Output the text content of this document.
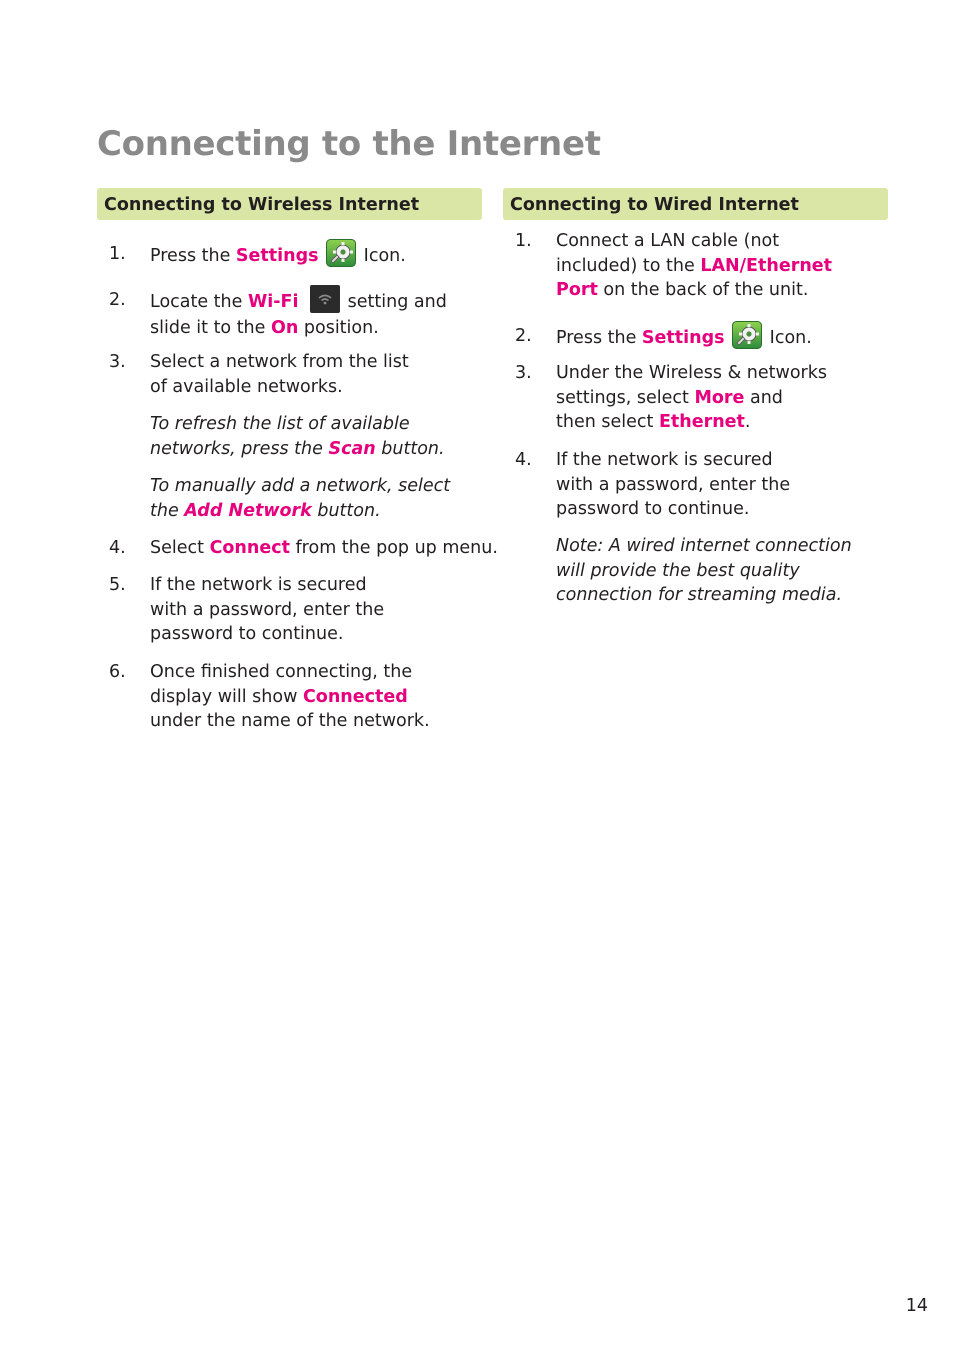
Connecting to the Internet
Connecting to Wireless Internet
1.	Press the Settings	Icon.
2.	Locate the Wi-Fi
setting and
slide it to the On position.
3.	Select a network from the list
of available networks.
To refresh the list of available
networks, press the Scan button.
To manually add a network, select
the Add Network button.
4.	Select Connect from the pop up menu.
5.	If the network is secured
with a password, enter the
password to continue.
6.	Once finished connecting, the
display will show Connected
under the name of the network.
Connecting to Wired Internet
1.	Connect a LAN cable (not
included) to the LAN/Ethernet
Port on the back of the unit.
2.	Press the Settings	Icon.
3.	Under the Wireless & networks
settings, select More and
then select Ethernet.
4.	If the network is secured
with a password, enter the
password to continue.
Note: A wired internet connection
will provide the best quality
connection for streaming media.
14
